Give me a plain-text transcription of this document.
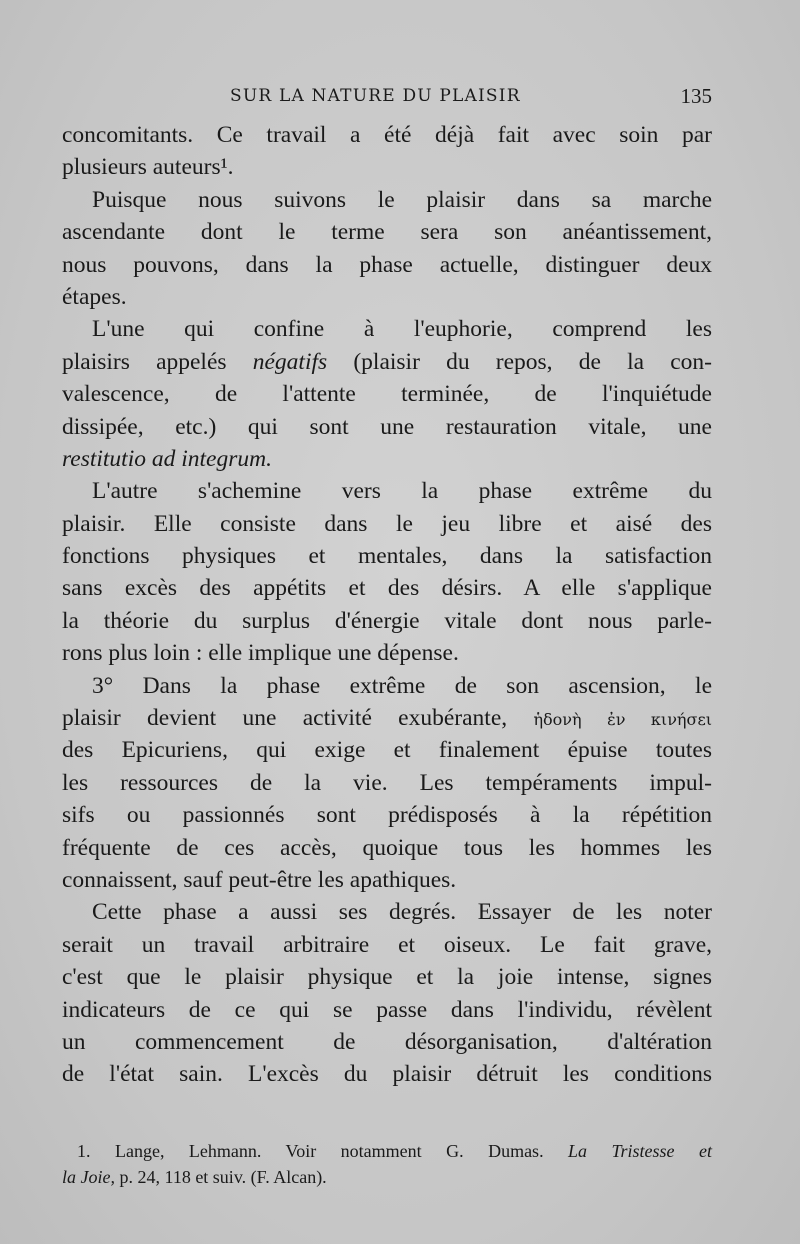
SUR LA NATURE DU PLAISIR	135
concomitants. Ce travail a été déjà fait avec soin par
plusieurs auteurs¹.
Puisque nous suivons le plaisir dans sa marche
ascendante dont le terme sera son anéantissement,
nous pouvons, dans la phase actuelle, distinguer deux
étapes.
L'une qui confine à l'euphorie, comprend les
plaisirs appelés négatifs (plaisir du repos, de la con-
valescence, de l'attente terminée, de l'inquiétude
dissipée, etc.) qui sont une restauration vitale, une
restitutio ad integrum.
L'autre s'achemine vers la phase extrême du
plaisir. Elle consiste dans le jeu libre et aisé des
fonctions physiques et mentales, dans la satisfaction
sans excès des appétits et des désirs. A elle s'applique
la théorie du surplus d'énergie vitale dont nous parle-
rons plus loin : elle implique une dépense.
3° Dans la phase extrême de son ascension, le
plaisir devient une activité exubérante, ἡδονὴ ἐν κινήσει
des Epicuriens, qui exige et finalement épuise toutes
les ressources de la vie. Les tempéraments impul-
sifs ou passionnés sont prédisposés à la répétition
fréquente de ces accès, quoique tous les hommes les
connaissent, sauf peut-être les apathiques.
Cette phase a aussi ses degrés. Essayer de les noter
serait un travail arbitraire et oiseux. Le fait grave,
c'est que le plaisir physique et la joie intense, signes
indicateurs de ce qui se passe dans l'individu, révèlent
un commencement de désorganisation, d'altération
de l'état sain. L'excès du plaisir détruit les conditions
1. Lange, Lehmann. Voir notamment G. Dumas. La Tristesse et
la Joie, p. 24, 118 et suiv. (F. Alcan).
